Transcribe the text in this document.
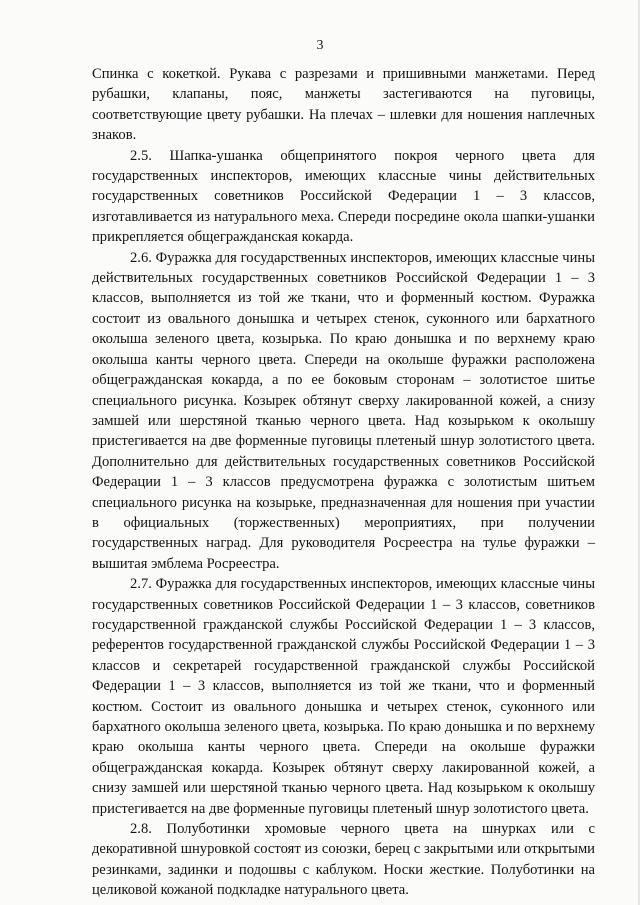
3

Спинка с кокеткой. Рукава с разрезами и пришивными манжетами. Перед рубашки, клапаны, пояс, манжеты застегиваются на пуговицы, соответствующие цвету рубашки. На плечах – шлевки для ношения наплечных знаков.

2.5. Шапка-ушанка общепринятого покроя черного цвета для государственных инспекторов, имеющих классные чины действительных государственных советников Российской Федерации 1 – 3 классов, изготавливается из натурального меха. Спереди посредине околa шапки-ушанки прикрепляется общегражданская кокарда.

2.6. Фуражка для государственных инспекторов, имеющих классные чины действительных государственных советников Российской Федерации 1 – 3 классов, выполняется из той же ткани, что и форменный костюм. Фуражка состоит из овального донышка и четырех стенок, суконного или бархатного околыша зеленого цвета, козырька. По краю донышка и по верхнему краю околыша канты черного цвета. Спереди на околыше фуражки расположена общегражданская кокарда, а по ее боковым сторонам – золотистое шитье специального рисунка. Козырек обтянут сверху лакированной кожей, а снизу замшей или шерстяной тканью черного цвета. Над козырьком к околышу пристегивается на две форменные пуговицы плетеный шнур золотистого цвета. Дополнительно для действительных государственных советников Российской Федерации 1 – 3 классов предусмотрена фуражка с золотистым шитьем специального рисунка на козырьке, предназначенная для ношения при участии в официальных (торжественных) мероприятиях, при получении государственных наград. Для руководителя Росреестра на тулье фуражки – вышитая эмблема Росреестра.

2.7. Фуражка для государственных инспекторов, имеющих классные чины государственных советников Российской Федерации 1 – 3 классов, советников государственной гражданской службы Российской Федерации 1 – 3 классов, референтов государственной гражданской службы Российской Федерации 1 – 3 классов и секретарей государственной гражданской службы Российской Федерации 1 – 3 классов, выполняется из той же ткани, что и форменный костюм. Состоит из овального донышка и четырех стенок, суконного или бархатного околыша зеленого цвета, козырька. По краю донышка и по верхнему краю околыша канты черного цвета. Спереди на околыше фуражки общегражданская кокарда. Козырек обтянут сверху лакированной кожей, а снизу замшей или шерстяной тканью черного цвета. Над козырьком к околышу пристегивается на две форменные пуговицы плетеный шнур золотистого цвета.

2.8. Полуботинки хромовые черного цвета на шнурках или с декоративной шнуровкой состоят из союзки, берец с закрытыми или открытыми резинками, задинки и подошвы с каблуком. Носки жесткие. Полуботинки на целиковой кожаной подкладке натурального цвета.
